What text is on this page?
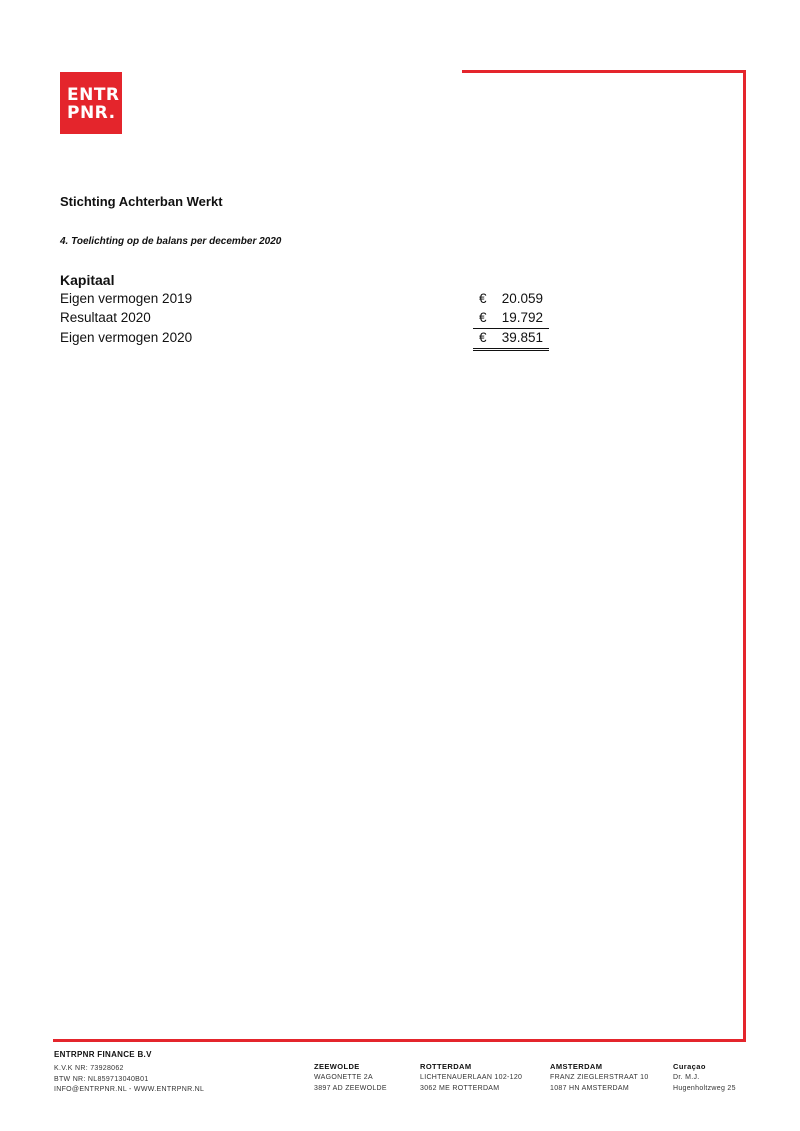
ENTR
PNR.
Stichting Achterban Werkt
4. Toelichting op de balans per december 2020
Kapitaal
Eigen vermogen 2019	€ 20.059
Resultaat 2020	€ 19.792
Eigen vermogen 2020	€ 39.851
ENTRPNR FINANCE B.V
K.V.K NR: 73928062
BTW NR: NL859713040B01
INFO@ENTRPNR.NL - WWW.ENTRPNR.NL
ZEEWOLDE
WAGONETTE 2A
3897 AD ZEEWOLDE
ROTTERDAM
LICHTENAUERLAAN 102-120
3062 ME ROTTERDAM
AMSTERDAM
FRANZ ZIEGLERSTRAAT 10
1087 HN AMSTERDAM
Curaçao
Dr. M.J.
Hugenholtzweg 25
